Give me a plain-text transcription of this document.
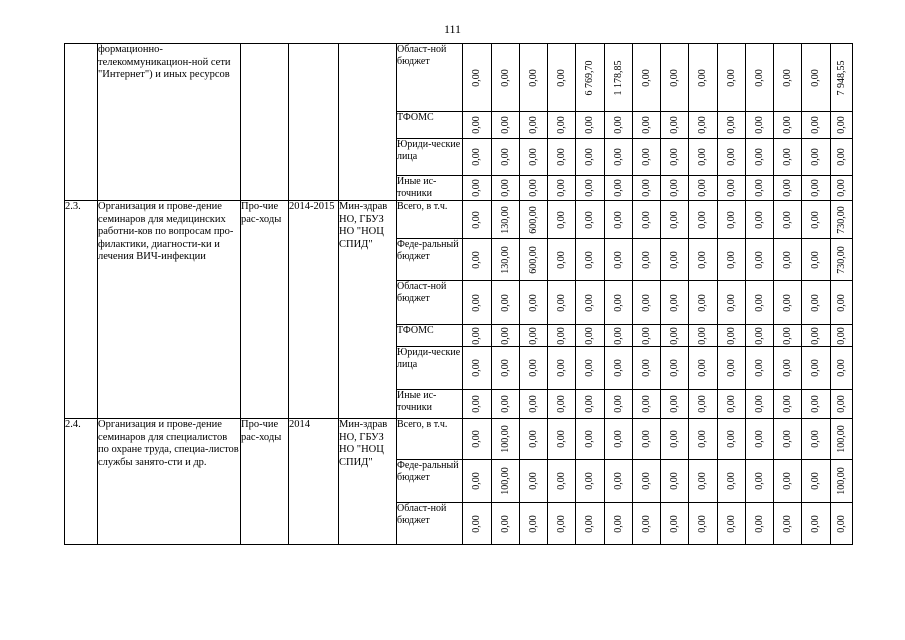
111
	формационно-телекоммуникацион-ной сети "Интернет") и иных ресурсов				Област-ной бюджет	0,00	0,00	0,00	0,00	6 769,70	1 178,85	0,00	0,00	0,00	0,00	0,00	0,00	0,00	7 948,55

					ТФОМС	0,00	0,00	0,00	0,00	0,00	0,00	0,00	0,00	0,00	0,00	0,00	0,00	0,00	0,00

					Юриди-ческие лица	0,00	0,00	0,00	0,00	0,00	0,00	0,00	0,00	0,00	0,00	0,00	0,00	0,00	0,00

					Иные ис-точники	0,00	0,00	0,00	0,00	0,00	0,00	0,00	0,00	0,00	0,00	0,00	0,00	0,00	0,00

2.3.	Организация и прове-дение семинаров для медицинских работни-ков по вопросам про-филактики, диагности-ки и лечения ВИЧ-инфекции	Про-чие рас-ходы	2014-2015	Мин-здрав НО, ГБУЗ НО "НОЦ СПИД"	Всего, в т.ч.	0,00	130,00	600,00	0,00	0,00	0,00	0,00	0,00	0,00	0,00	0,00	0,00	0,00	730,00

					Феде-ральный бюджет	0,00	130,00	600,00	0,00	0,00	0,00	0,00	0,00	0,00	0,00	0,00	0,00	0,00	730,00

					Област-ной бюджет	0,00	0,00	0,00	0,00	0,00	0,00	0,00	0,00	0,00	0,00	0,00	0,00	0,00	0,00

					ТФОМС	0,00	0,00	0,00	0,00	0,00	0,00	0,00	0,00	0,00	0,00	0,00	0,00	0,00	0,00

					Юриди-ческие лица	0,00	0,00	0,00	0,00	0,00	0,00	0,00	0,00	0,00	0,00	0,00	0,00	0,00	0,00

					Иные ис-точники	0,00	0,00	0,00	0,00	0,00	0,00	0,00	0,00	0,00	0,00	0,00	0,00	0,00	0,00

2.4.	Организация и прове-дение семинаров для специалистов по охране труда, специа-листов службы занято-сти и др.	Про-чие рас-ходы	2014	Мин-здрав НО, ГБУЗ НО "НОЦ СПИД"	Всего, в т.ч.	0,00	100,00	0,00	0,00	0,00	0,00	0,00	0,00	0,00	0,00	0,00	0,00	0,00	100,00

					Феде-ральный бюджет	0,00	100,00	0,00	0,00	0,00	0,00	0,00	0,00	0,00	0,00	0,00	0,00	0,00	100,00

					Област-ной бюджет	0,00	0,00	0,00	0,00	0,00	0,00	0,00	0,00	0,00	0,00	0,00	0,00	0,00	0,00
